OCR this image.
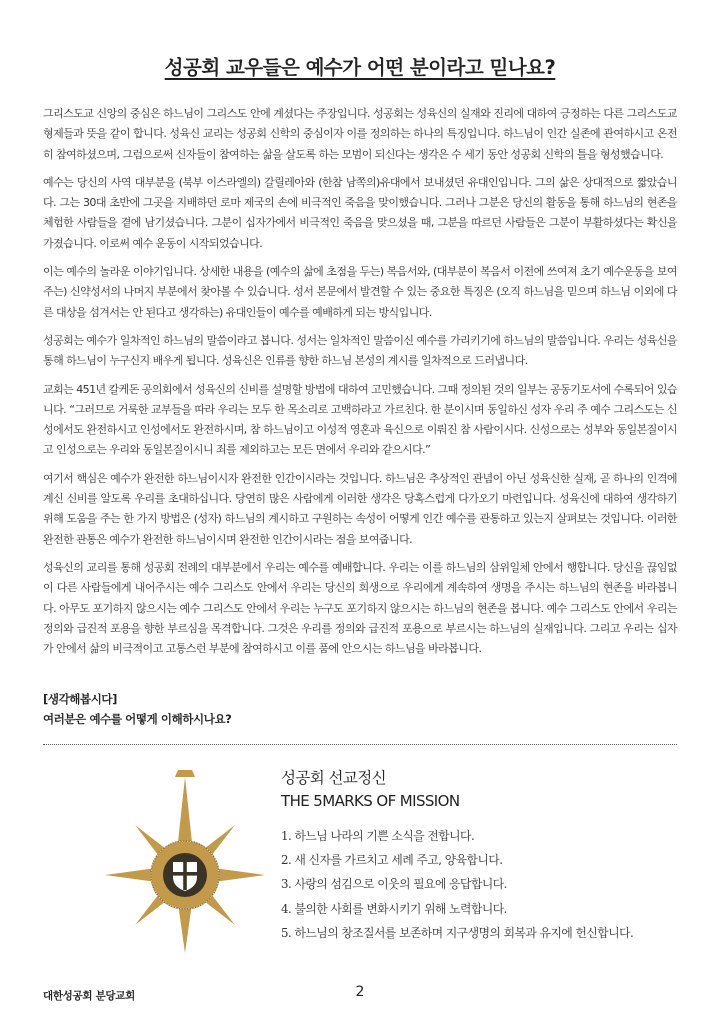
성공회 교우들은 예수가 어떤 분이라고 믿나요?

그리스도교 신앙의 중심은 하느님이 그리스도 안에 계셨다는 주장입니다. 성공회는 성육신의 실재와 진리에 대하여 긍정하는 다른 그리스도교 형제들과 뜻을 같이 합니다. 성육신 교리는 성공회 신학의 중심이자 이를 정의하는 하나의 특징입니다. 하느님이 인간 실존에 관여하시고 온전히 참여하셨으며, 그럼으로써 신자들이 참여하는 삶을 살도록 하는 모범이 되신다는 생각은 수 세기 동안 성공회 신학의 틀을 형성했습니다.

예수는 당신의 사역 대부분을 (북부 이스라엘의) 갈릴레아와 (한참 남쪽의)유대에서 보내셨던 유대인입니다. 그의 삶은 상대적으로 짧았습니다. 그는 30대 초반에 그곳을 지배하던 로마 제국의 손에 비극적인 죽음을 맞이했습니다. 그러나 그분은 당신의 활동을 통해 하느님의 현존을 체험한 사람들을 곁에 남기셨습니다. 그분이 십자가에서 비극적인 죽음을 맞으셨을 때, 그분을 따르던 사람들은 그분이 부활하셨다는 확신을 가졌습니다. 이로써 예수 운동이 시작되었습니다.

이는 예수의 놀라운 이야기입니다. 상세한 내용을 (예수의 삶에 초점을 두는) 복음서와, (대부분이 복음서 이전에 쓰여져 초기 예수운동을 보여주는) 신약성서의 나머지 부분에서 찾아볼 수 있습니다. 성서 본문에서 발견할 수 있는 중요한 특징은 (오직 하느님을 믿으며 하느님 이외에 다른 대상을 섬겨서는 안 된다고 생각하는) 유대인들이 예수를 예배하게 되는 방식입니다.

성공회는 예수가 일차적인 하느님의 말씀이라고 봅니다. 성서는 일차적인 말씀이신 예수를 가리키기에 하느님의 말씀입니다. 우리는 성육신을 통해 하느님이 누구신지 배우게 됩니다. 성육신은 인류를 향한 하느님 본성의 계시를 일차적으로 드러냅니다.

교회는 451년 칼케돈 공의회에서 성육신의 신비를 설명할 방법에 대하여 고민했습니다. 그때 정의된 것의 일부는 공동기도서에 수록되어 있습니다. “그러므로 거룩한 교부들을 따라 우리는 모두 한 목소리로 고백하라고 가르친다. 한 분이시며 동일하신 성자 우리 주 예수 그리스도는 신성에서도 완전하시고 인성에서도 완전하시며, 참 하느님이고 이성적 영혼과 육신으로 이뤄진 참 사람이시다. 신성으로는 성부와 동일본질이시고 인성으로는 우리와 동일본질이시니 죄를 제외하고는 모든 면에서 우리와 같으시다.”

여기서 핵심은 예수가 완전한 하느님이시자 완전한 인간이시라는 것입니다. 하느님은 추상적인 관념이 아닌 성육신한 실재, 곧 하나의 인격에 계신 신비를 알도록 우리를 초대하십니다. 당연히 많은 사람에게 이러한 생각은 당혹스럽게 다가오기 마련입니다. 성육신에 대하여 생각하기 위해 도움을 주는 한 가지 방법은 (성자) 하느님의 계시하고 구원하는 속성이 어떻게 인간 예수를 관통하고 있는지 살펴보는 것입니다. 이러한 완전한 관통은 예수가 완전한 하느님이시며 완전한 인간이시라는 점을 보여줍니다.

성육신의 교리를 통해 성공회 전례의 대부분에서 우리는 예수를 예배합니다. 우리는 이를 하느님의 삼위일체 안에서 행합니다. 당신을 끊임없이 다른 사람들에게 내어주시는 예수 그리스도 안에서 우리는 당신의 희생으로 우리에게 계속하여 생명을 주시는 하느님의 현존을 바라봅니다. 아무도 포기하지 않으시는 예수 그리스도 안에서 우리는 누구도 포기하지 않으시는 하느님의 현존을 봅니다. 예수 그리스도 안에서 우리는 정의와 급진적 포용을 향한 부르심을 목격합니다. 그것은 우리를 정의와 급진적 포용으로 부르시는 하느님의 실재입니다. 그리고 우리는 십자가 안에서 삶의 비극적이고 고통스런 부분에 참여하시고 이를 품에 안으시는 하느님을 바라봅니다.

[생각해봅시다]
여러분은 예수를 어떻게 이해하시나요?
성공회 선교정신
THE 5MARKS OF MISSION
1. 하느님 나라의 기쁜 소식을 전합니다.
2. 새 신자를 가르치고 세례 주고, 양육합니다.
3. 사랑의 섬김으로 이웃의 필요에 응답합니다.
4. 불의한 사회를 변화시키기 위해 노력합니다.
5. 하느님의 창조질서를 보존하며 지구생명의 회복과 유지에 헌신합니다.
대한성공회 분당교회	2
